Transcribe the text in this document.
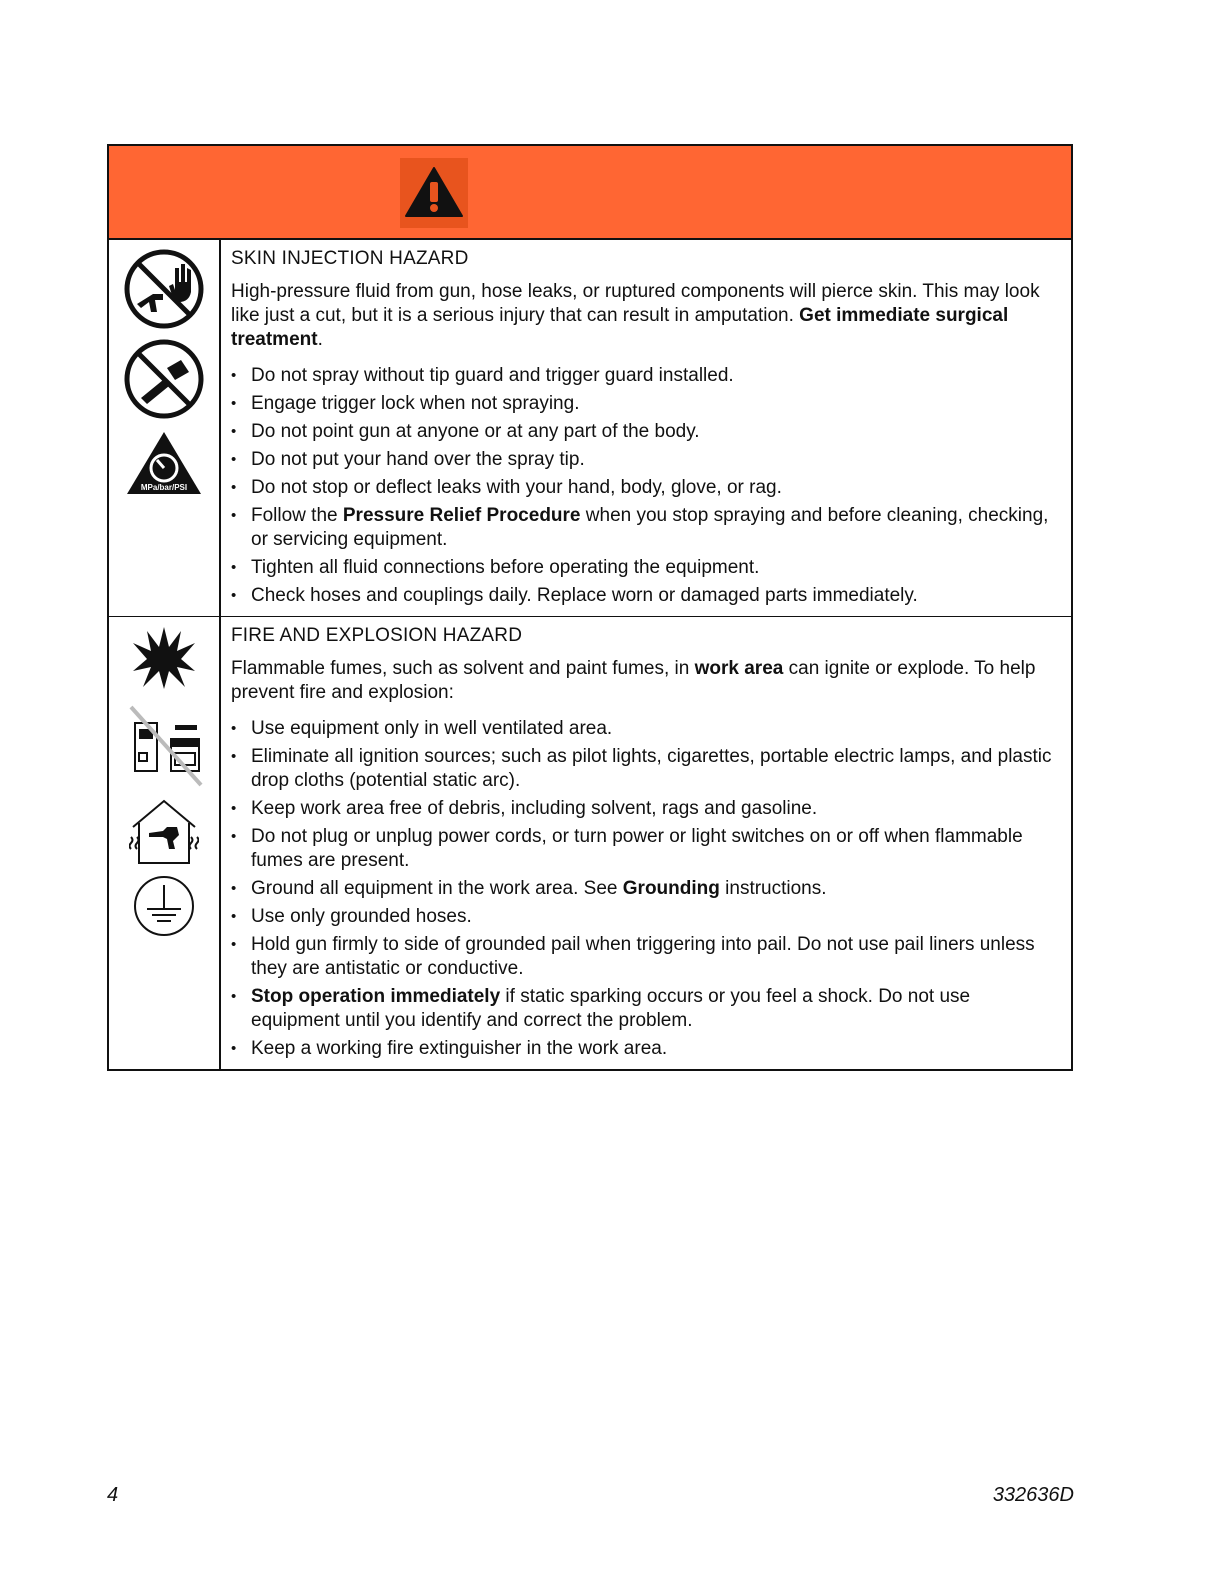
MPa/bar/PSI
SKIN INJECTION HAZARD

High-pressure fluid from gun, hose leaks, or ruptured components will pierce skin. This may look like just a cut, but it is a serious injury that can result in amputation. Get immediate surgical treatment.

• Do not spray without tip guard and trigger guard installed.
• Engage trigger lock when not spraying.
• Do not point gun at anyone or at any part of the body.
• Do not put your hand over the spray tip.
• Do not stop or deflect leaks with your hand, body, glove, or rag.
• Follow the Pressure Relief Procedure when you stop spraying and before cleaning, checking, or servicing equipment.
• Tighten all fluid connections before operating the equipment.
• Check hoses and couplings daily. Replace worn or damaged parts immediately.
FIRE AND EXPLOSION HAZARD

Flammable fumes, such as solvent and paint fumes, in work area can ignite or explode. To help prevent fire and explosion:

• Use equipment only in well ventilated area.
• Eliminate all ignition sources; such as pilot lights, cigarettes, portable electric lamps, and plastic drop cloths (potential static arc).
• Keep work area free of debris, including solvent, rags and gasoline.
• Do not plug or unplug power cords, or turn power or light switches on or off when flammable fumes are present.
• Ground all equipment in the work area. See Grounding instructions.
• Use only grounded hoses.
• Hold gun firmly to side of grounded pail when triggering into pail. Do not use pail liners unless they are antistatic or conductive.
• Stop operation immediately if static sparking occurs or you feel a shock. Do not use equipment until you identify and correct the problem.
• Keep a working fire extinguisher in the work area.
4	332636D
